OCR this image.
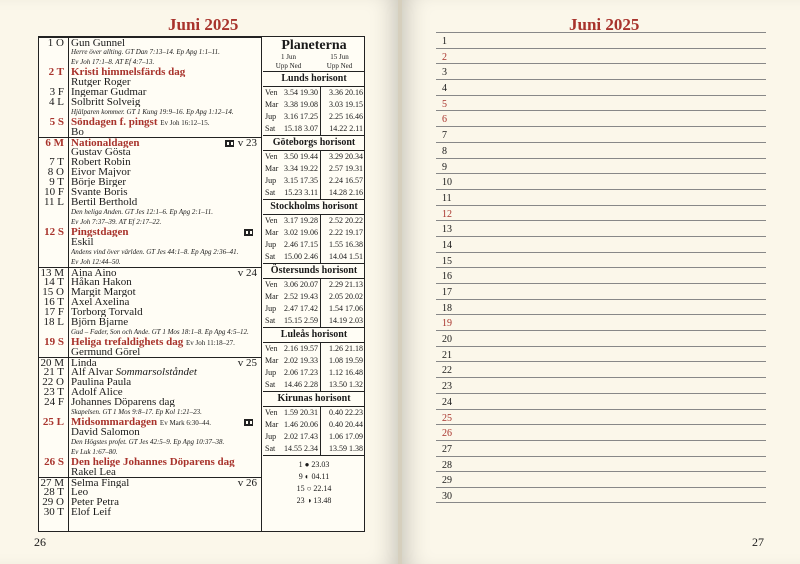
Juni 2025
1 O Gun Gunnel
Herre över allting. GT Dan 7:13–14. Ep Apg 1:1–11.
Ev Joh 17:1–8. AT Ef 4:7–13.
2 T Kristi himmelsfärds dag
Rutger Roger
3 F Ingemar Gudmar
4 L Solbritt Solveig
Hjälparen kommer. GT 1 Kung 19:9–16. Ep Apg 1:12–14.
5 S Söndagen f. pingst Ev Joh 16:12–15.
Bo
6 M Nationaldagen	v 23
Gustav Gösta
7 T Robert Robin
8 O Eivor Majvor
9 T Börje Birger
10 F Svante Boris
11 L Bertil Berthold
Den heliga Anden. GT Jes 12:1–6. Ep Apg 2:1–11.
Ev Joh 7:37–39. AT Ef 2:17–22.
12 S Pingstdagen
Eskil
Andens vind över världen. GT Jes 44:1–8. Ep Apg 2:36–41.
Ev Joh 12:44–50.
13 M Aina Aino	v 24
14 T Håkan Hakon
15 O Margit Margot
16 T Axel Axelina
17 F Torborg Torvald
18 L Björn Bjarne
Gud – Fader, Son och Ande. GT 1 Mos 18:1–8. Ep Apg 4:5–12.
19 S Heliga trefaldighets dag Ev Joh 11:18–27.
Germund Görel
20 M Linda	v 25
21 T Alf Alvar Sommarsolståndet
22 O Paulina Paula
23 T Adolf Alice
24 F Johannes Döparens dag
Skapelsen. GT 1 Mos 9:8–17. Ep Kol 1:21–23.
25 L Midsommardagen Ev Mark 6:30–44.
David Salomon
Den Högstes profet. GT Jes 42:5–9. Ep Apg 10:37–38.
Ev Luk 1:67–80.
26 S Den helige Johannes Döparens dag
Rakel Lea
27 M Selma Fingal	v 26
28 T Leo
29 O Peter Petra
30 T Elof Leif
Planeterna
1 Jun	15 Jun
Upp Ned	Upp Ned
Lunds horisont
Ven 3.54 19.30	3.36 20.16
Mar 3.38 19.08	3.03 19.15
Jup 3.16 17.25	2.25 16.46
Sat	15.18 3.07	14.22 2.11
Göteborgs horisont
Ven 3.50 19.44	3.29 20.34
Mar 3.34 19.22	2.57 19.31
Jup 3.15 17.35	2.24 16.57
Sat	15.23 3.11	14.28 2.16
Stockholms horisont
Ven 3.17 19.28	2.52 20.22
Mar 3.02 19.06	2.22 19.17
Jup 2.46 17.15	1.55 16.38
Sat	15.00 2.46	14.04 1.51
Östersunds horisont
Ven 3.06 20.07	2.29 21.13
Mar 2.52 19.43	2.05 20.02
Jup 2.47 17.42	1.54 17.06
Sat	15.15 2.59	14.19 2.03
Luleås horisont
Ven 2.16 19.57	1.26 21.18
Mar 2.02 19.33	1.08 19.59
Jup 2.06 17.23	1.12 16.48
Sat	14.46 2.28	13.50 1.32
Kirunas horisont
Ven 1.59 20.31	0.40 22.23
Mar 1.46 20.06	0.40 20.44
Jup 2.02 17.43	1.06 17.09
Sat	14.55 2.34	13.59 1.38
1 ● 23.03
9 ◐ 04.11
15 ○ 22.14
23 ◑ 13.48
26
Juni 2025
1
2
3
4
5
6
7
8
9
10
11
12
13
14
15
16
17
18
19
20
21
22
23
24
25
26
27
28
29
30
27
